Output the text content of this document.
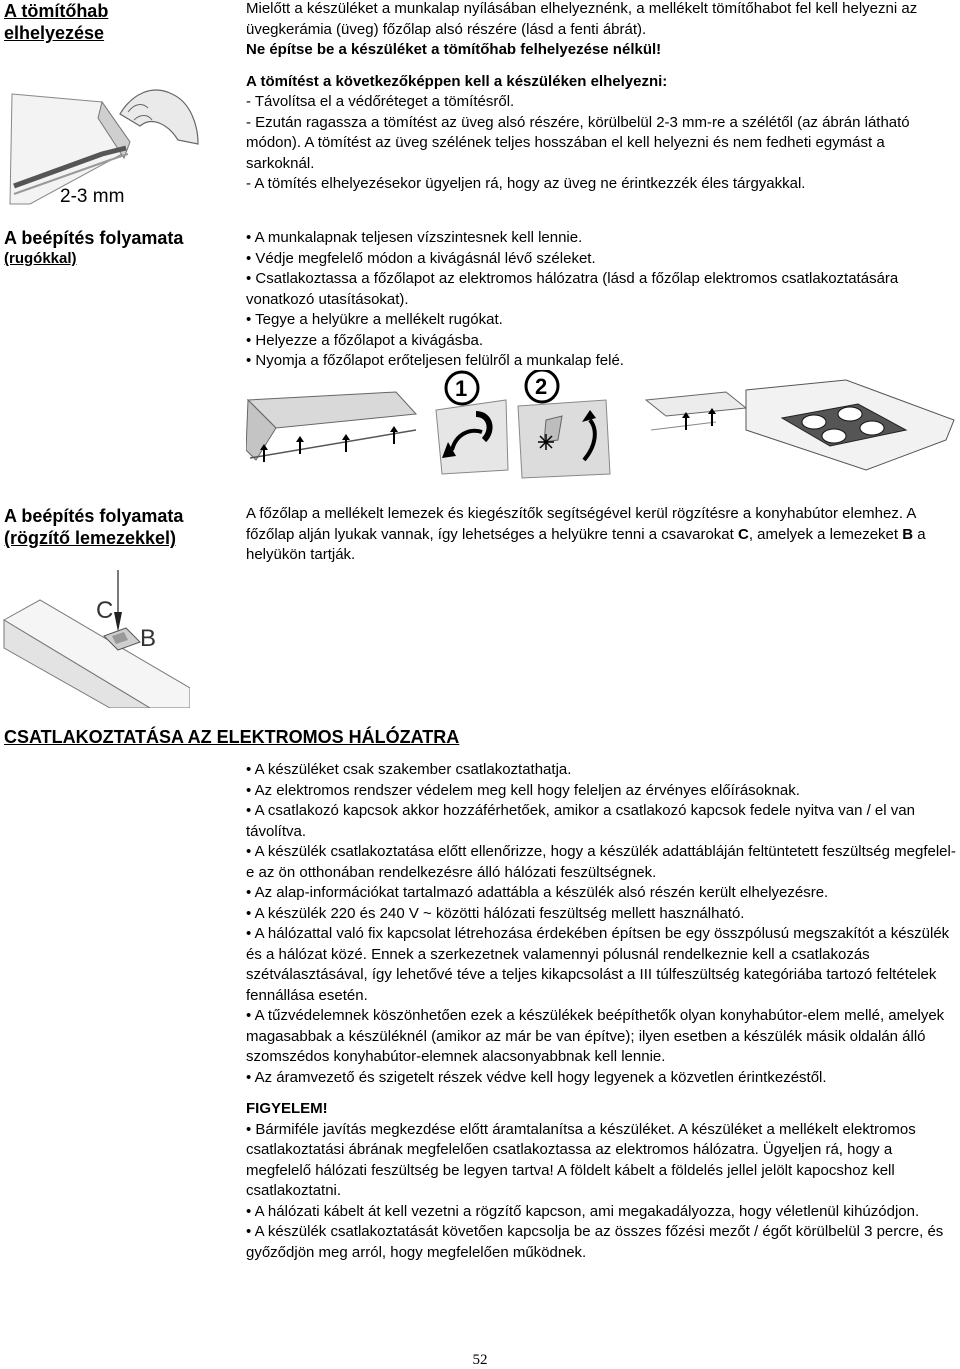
A tömítőhab elhelyezése
2-3 mm

Mielőtt a készüléket a munkalap nyílásában elhelyeznénk, a mellékelt tömítőhabot fel kell helyezni az üvegkerámia (üveg) főzőlap alsó részére (lásd a fenti ábrát).

Ne építse be a készüléket a tömítőhab felhelyezése nélkül!

A tömítést a következőképpen kell a készüléken elhelyezni:

- Távolítsa el a védőréteget a tömítésről.

- Ezután ragassza a tömítést az üveg alsó részére, körülbelül 2-3 mm-re a szélétől (az ábrán látható módon). A tömítést az üveg szélének teljes hosszában el kell helyezni és nem fedheti egymást a sarkoknál.

- A tömítés elhelyezésekor ügyeljen rá, hogy az üveg ne érintkezzék éles tárgyakkal.

A beépítés folyamata
(rugókkal)

• A munkalapnak teljesen vízszintesnek kell lennie.

• Védje megfelelő módon a kivágásnál lévő széleket.

• Csatlakoztassa a főzőlapot az elektromos hálózatra (lásd a főzőlap elektromos csatlakoztatására vonatkozó utasításokat).

• Tegye a helyükre a mellékelt rugókat.

• Helyezze a főzőlapot a kivágásba.

• Nyomja a főzőlapot erőteljesen felülről a munkalap felé.

1	2
A beépítés folyamata
(rögzítő lemezekkel)

A főzőlap a mellékelt lemezek és kiegészítők segítségével kerül rögzítésre a konyhabútor elemhez. A főzőlap alján lyukak vannak, így lehetséges a helyükre tenni a csavarokat C, amelyek a lemezeket B a helyükön tartják.

C
B
CSATLAKOZTATÁSA AZ ELEKTROMOS HÁLÓZATRA

• A készüléket csak szakember csatlakoztathatja.

• Az elektromos rendszer védelem meg kell hogy feleljen az érvényes előírásoknak.

• A csatlakozó kapcsok akkor hozzáférhetőek, amikor a csatlakozó kapcsok fedele nyitva van / el van távolítva.

• A készülék csatlakoztatása előtt ellenőrizze, hogy a készülék adattábláján feltüntetett feszültség megfelel-e az ön otthonában rendelkezésre álló hálózati feszültségnek.

• Az alap-információkat tartalmazó adattábla a készülék alsó részén került elhelyezésre.

• A készülék 220 és 240 V ~ közötti hálózati feszültség mellett használható.

• A hálózattal való fix kapcsolat létrehozása érdekében építsen be egy összpólusú megszakítót a készülék és a hálózat közé. Ennek a szerkezetnek valamennyi pólusnál rendelkeznie kell a csatlakozás szétválasztásával, így lehetővé téve a teljes kikapcsolást a III túlfeszültség kategóriába tartozó feltételek fennállása esetén.

• A tűzvédelemnek köszönhetően ezek a készülékek beépíthetők olyan konyhabútor-elem mellé, amelyek magasabbak a készüléknél (amikor az már be van építve); ilyen esetben a készülék másik oldalán álló szomszédos konyhabútor-elemnek alacsonyabbnak kell lennie.

• Az áramvezető és szigetelt részek védve kell hogy legyenek a közvetlen érintkezéstől.

FIGYELEM!

• Bármiféle javítás megkezdése előtt áramtalanítsa a készüléket. A készüléket a mellékelt elektromos csatlakoztatási ábrának megfelelően csatlakoztassa az elektromos hálózatra. Ügyeljen rá, hogy a megfelelő hálózati feszültség be legyen tartva! A földelt kábelt a földelés jellel jelölt kapocshoz kell csatlakoztatni.

• A hálózati kábelt át kell vezetni a rögzítő kapcson, ami megakadályozza, hogy véletlenül kihúzódjon.

• A készülék csatlakoztatását követően kapcsolja be az összes főzési mezőt / égőt körülbelül 3 percre, és győződjön meg arról, hogy megfelelően működnek.

52
